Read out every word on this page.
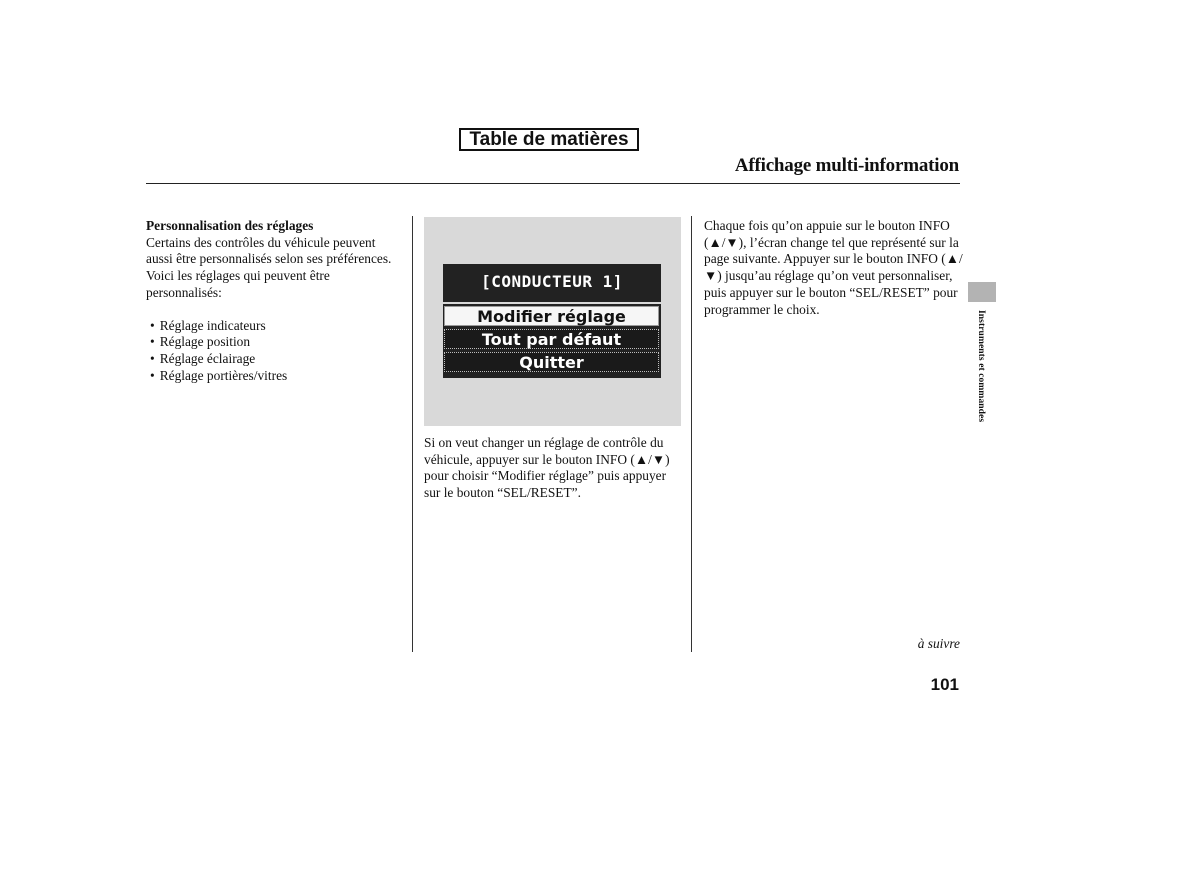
Table de matières
Affichage multi-information
Personnalisation des réglages
Certains des contrôles du véhicule peuvent aussi être personnalisés selon ses préférences. Voici les réglages qui peuvent être personnalisés:
• Réglage indicateurs
• Réglage position
• Réglage éclairage
• Réglage portières/vitres
[CONDUCTEUR 1]
Modifier réglage
Tout par défaut
Quitter
Si on veut changer un réglage de contrôle du véhicule, appuyer sur le bouton INFO (▲/▼) pour choisir “Modifier réglage” puis appuyer sur le bouton “SEL/RESET”.
Chaque fois qu’on appuie sur le bouton INFO (▲/▼), l’écran change tel que représenté sur la page suivante. Appuyer sur le bouton INFO (▲/▼) jusqu’au réglage qu’on veut personnaliser, puis appuyer sur le bouton “SEL/RESET” pour programmer le choix.
Instruments et commandes
à suivre
101
